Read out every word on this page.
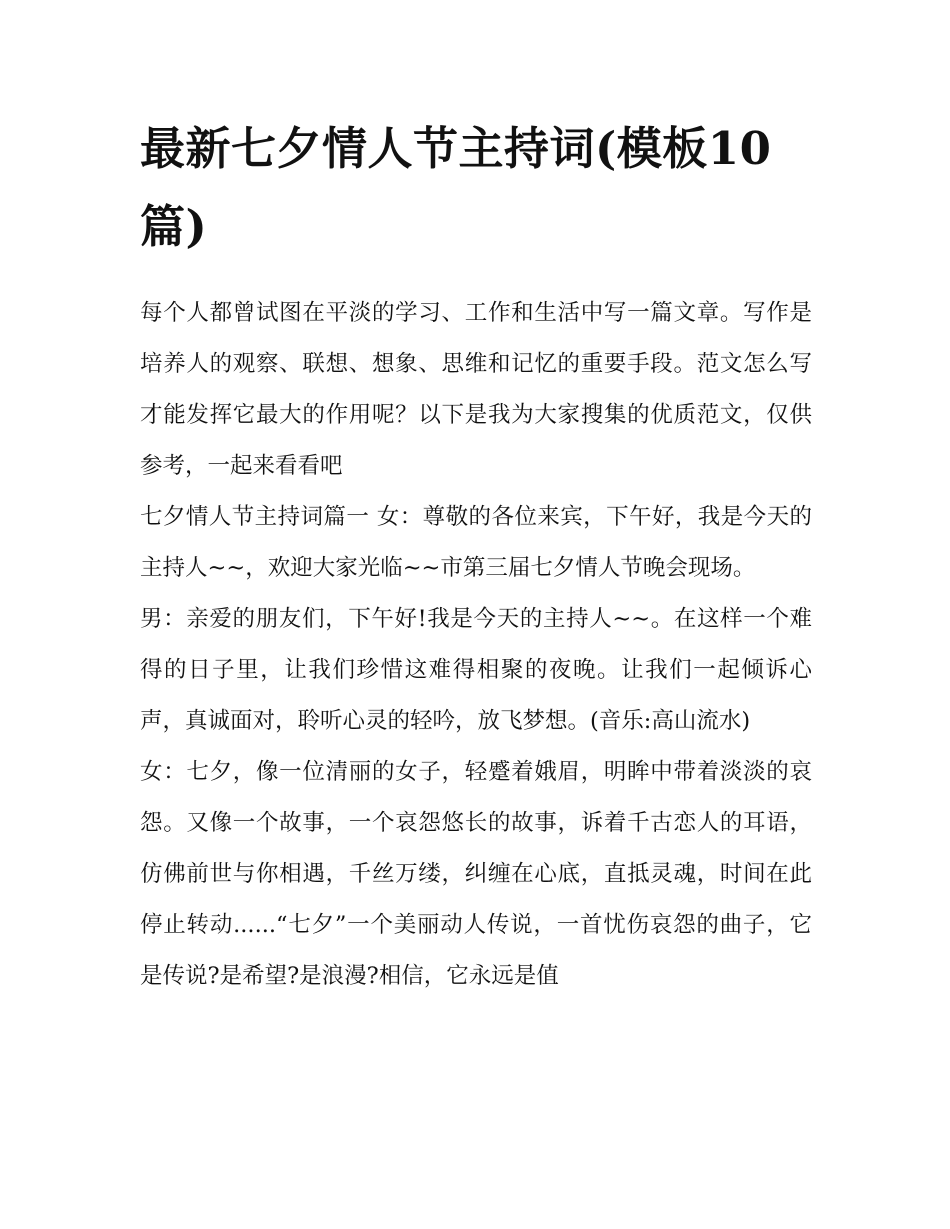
最新七夕情人节主持词(模板10篇)

每个人都曾试图在平淡的学习、工作和生活中写一篇文章。写作是培养人的观察、联想、想象、思维和记忆的重要手段。范文怎么写才能发挥它最大的作用呢？以下是我为大家搜集的优质范文，仅供参考，一起来看看吧

七夕情人节主持词篇一 女：尊敬的各位来宾，下午好，我是今天的主持人~~，欢迎大家光临~~市第三届七夕情人节晚会现场。

男：亲爱的朋友们，下午好!我是今天的主持人~~。在这样一个难得的日子里，让我们珍惜这难得相聚的夜晚。让我们一起倾诉心声，真诚面对，聆听心灵的轻吟，放飞梦想。(音乐:高山流水)

女：七夕，像一位清丽的女子，轻蹙着娥眉，明眸中带着淡淡的哀怨。又像一个故事，一个哀怨悠长的故事，诉着千古恋人的耳语，仿佛前世与你相遇，千丝万缕，纠缠在心底，直抵灵魂，时间在此停止转动......“七夕”一个美丽动人传说，一首忧伤哀怨的曲子，它是传说?是希望?是浪漫?相信，它永远是值
